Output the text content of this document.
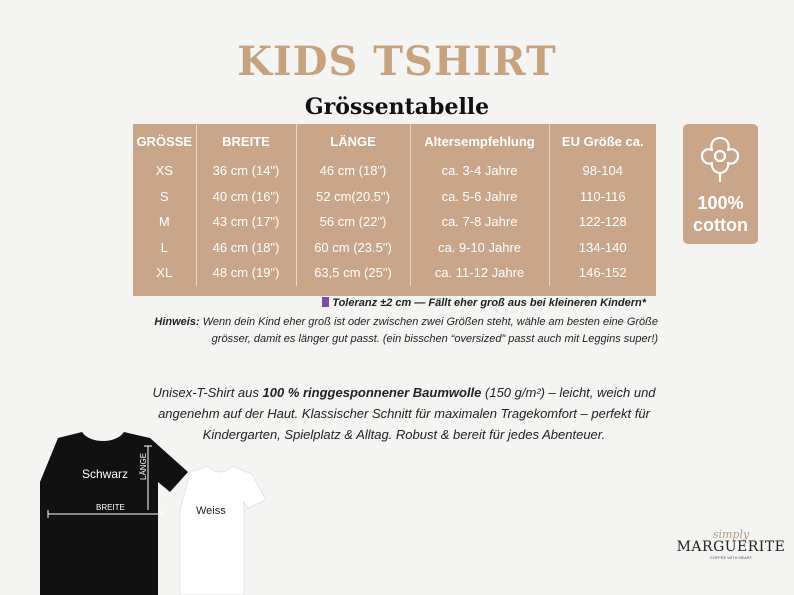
KIDS TSHIRT
Grössentabelle
GRÖSSE	BREITE	LÄNGE	Altersempfehlung	EU Größe ca.
XS	36 cm (14")	46 cm (18")	ca. 3-4 Jahre	98-104
S	40 cm (16")	52 cm(20.5")	ca. 5-6 Jahre	110-116
M	43 cm (17")	56 cm (22")	ca. 7-8 Jahre	122-128
L	46 cm (18")	60 cm (23.5")	ca. 9-10 Jahre	134-140
XL	48 cm (19")	63,5 cm (25")	ca. 11-12 Jahre	146-152
100%
cotton
Toleranz ±2 cm — Fällt eher groß aus bei kleineren Kindern*
Hinweis: Wenn dein Kind eher groß ist oder zwischen zwei Größen steht, wähle am besten eine Größe grösser, damit es länger gut passt. (ein bisschen “oversized” passt auch mit Leggins super!)
Unisex-T-Shirt aus 100 % ringgesponnener Baumwolle (150 g/m²) – leicht, weich und angenehm auf der Haut. Klassischer Schnitt für maximalen Tragekomfort – perfekt für Kindergarten, Spielplatz & Alltag. Robust & bereit für jedes Abenteuer.
Schwarz LÄNGE
BREITE	Weiss
simply
MARGUERITE
COFFEE WITH HEART
